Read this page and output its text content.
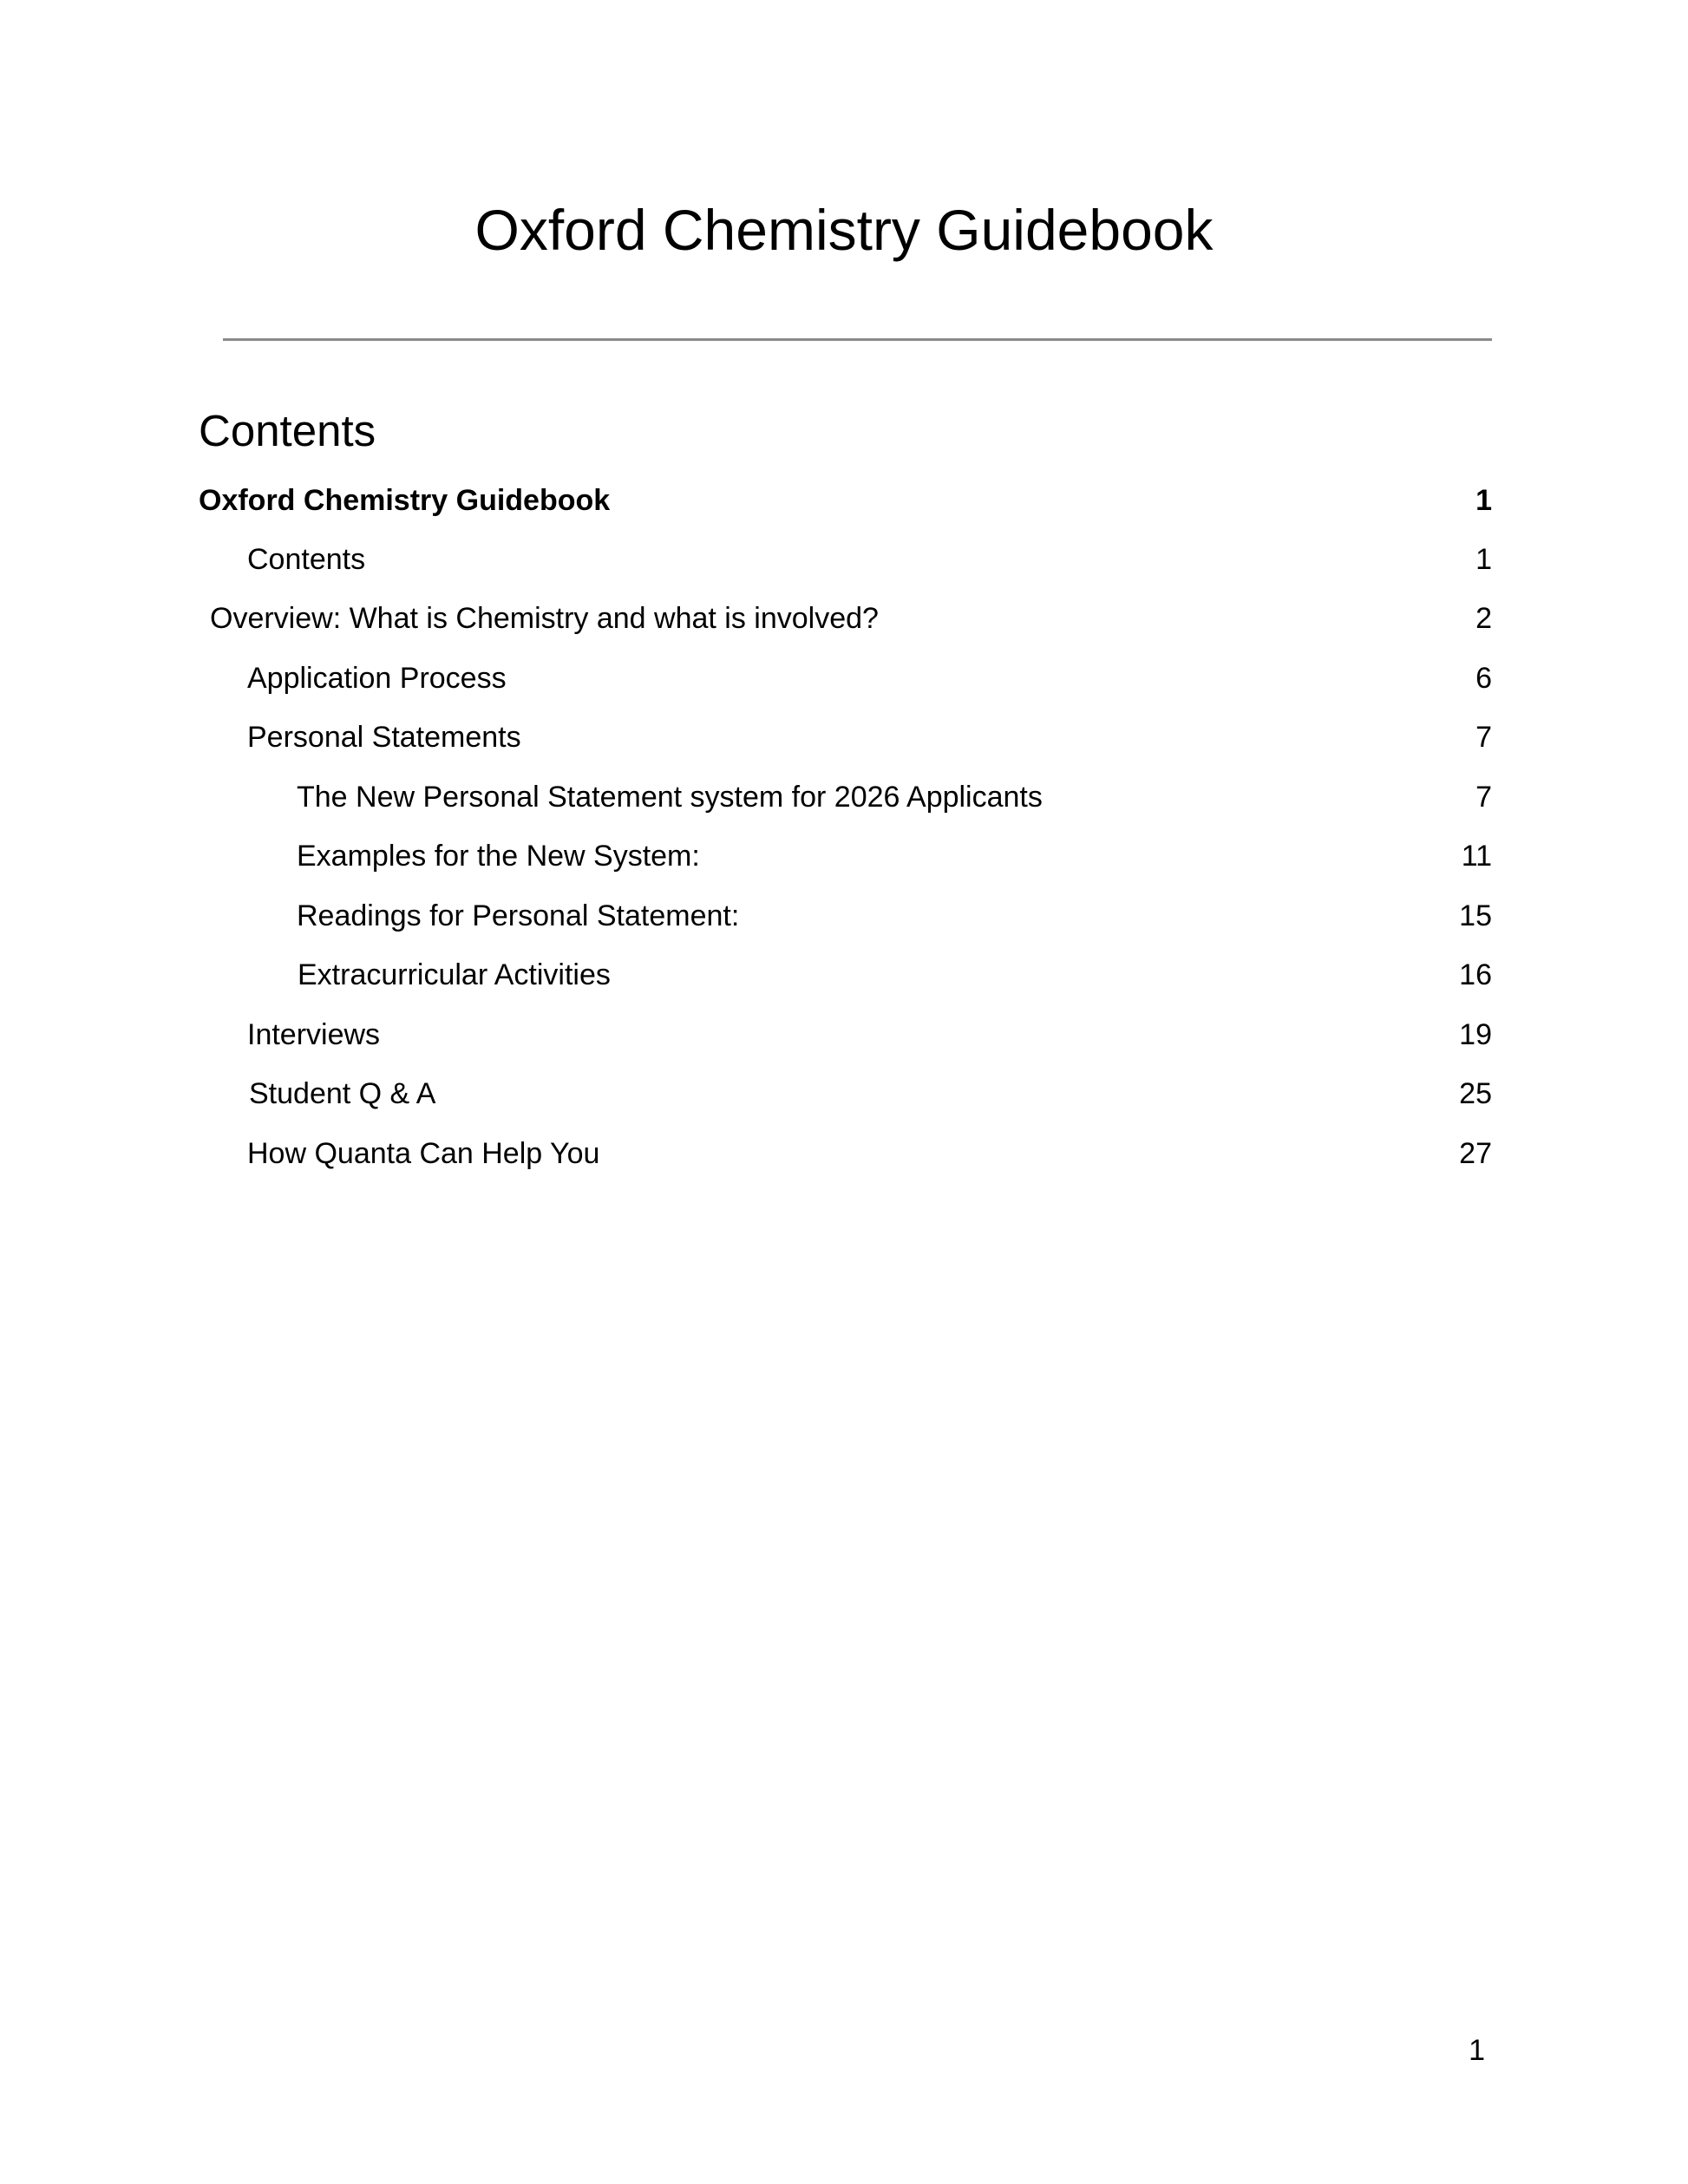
Oxford Chemistry Guidebook
Contents
Oxford Chemistry Guidebook	1
Contents	1
Overview: What is Chemistry and what is involved?	2
Application Process	6
Personal Statements	7
The New Personal Statement system for 2026 Applicants	7
Examples for the New System:	11
Readings for Personal Statement:	15
Extracurricular Activities	16
Interviews	19
Student Q & A	25
How Quanta Can Help You	27
1
